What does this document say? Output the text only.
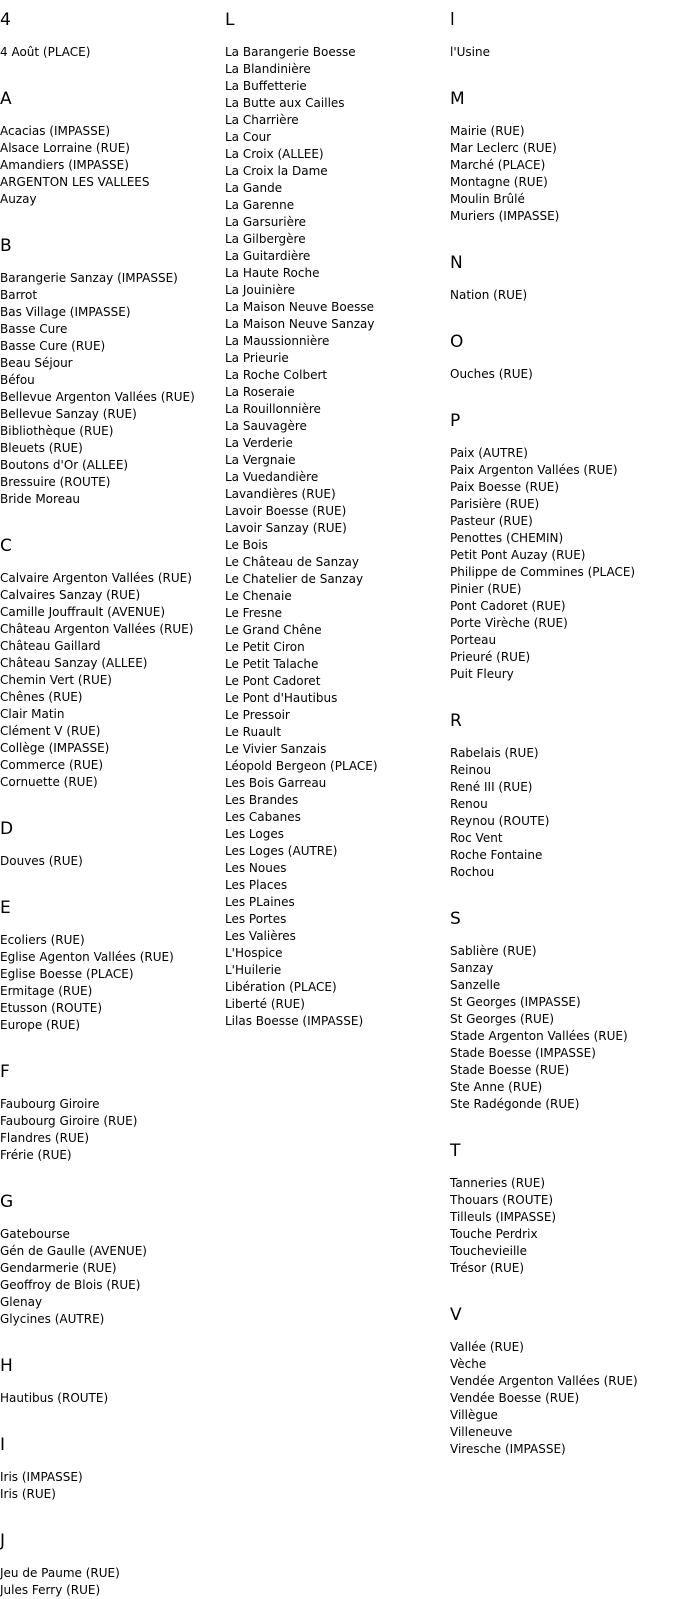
4
4 Août (PLACE)
A
Acacias (IMPASSE)
Alsace Lorraine (RUE)
Amandiers (IMPASSE)
ARGENTON LES VALLEES
Auzay
B
Barangerie Sanzay (IMPASSE)
Barrot
Bas Village (IMPASSE)
Basse Cure
Basse Cure (RUE)
Beau Séjour
Béfou
Bellevue Argenton Vallées (RUE)
Bellevue Sanzay (RUE)
Bibliothèque (RUE)
Bleuets (RUE)
Boutons d'Or (ALLEE)
Bressuire (ROUTE)
Bride Moreau
C
Calvaire Argenton Vallées (RUE)
Calvaires Sanzay (RUE)
Camille Jouffrault (AVENUE)
Château Argenton Vallées (RUE)
Château Gaillard
Château Sanzay (ALLEE)
Chemin Vert (RUE)
Chênes (RUE)
Clair Matin
Clément V (RUE)
Collège (IMPASSE)
Commerce (RUE)
Cornuette (RUE)
D
Douves (RUE)
E
Ecoliers (RUE)
Eglise Agenton Vallées (RUE)
Eglise Boesse (PLACE)
Ermitage (RUE)
Etusson (ROUTE)
Europe (RUE)
F
Faubourg Giroire
Faubourg Giroire (RUE)
Flandres (RUE)
Frérie (RUE)
G
Gatebourse
Gén de Gaulle (AVENUE)
Gendarmerie (RUE)
Geoffroy de Blois (RUE)
Glenay
Glycines (AUTRE)
H
Hautibus (ROUTE)
I
Iris (IMPASSE)
Iris (RUE)
J
Jeu de Paume (RUE)
Jules Ferry (RUE)
L
La Barangerie Boesse
La Blandinière
La Buffetterie
La Butte aux Cailles
La Charrière
La Cour
La Croix (ALLEE)
La Croix la Dame
La Gande
La Garenne
La Garsurière
La Gilbergère
La Guitardière
La Haute Roche
La Jouinière
La Maison Neuve Boesse
La Maison Neuve Sanzay
La Maussionnière
La Prieurie
La Roche Colbert
La Roseraie
La Rouillonnière
La Sauvagère
La Verderie
La Vergnaie
La Vuedandière
Lavandières (RUE)
Lavoir Boesse (RUE)
Lavoir Sanzay (RUE)
Le Bois
Le Château de Sanzay
Le Chatelier de Sanzay
Le Chenaie
Le Fresne
Le Grand Chêne
Le Petit Ciron
Le Petit Talache
Le Pont Cadoret
Le Pont d'Hautibus
Le Pressoir
Le Ruault
Le Vivier Sanzais
Léopold Bergeon (PLACE)
Les Bois Garreau
Les Brandes
Les Cabanes
Les Loges
Les Loges (AUTRE)
Les Noues
Les Places
Les PLaines
Les Portes
Les Valières
L'Hospice
L'Huilerie
Libération (PLACE)
Liberté (RUE)
Lilas Boesse (IMPASSE)
l
l'Usine
M
Mairie (RUE)
Mar Leclerc (RUE)
Marché (PLACE)
Montagne (RUE)
Moulin Brûlé
Muriers (IMPASSE)
N
Nation (RUE)
O
Ouches (RUE)
P
Paix (AUTRE)
Paix Argenton Vallées (RUE)
Paix Boesse (RUE)
Parisière (RUE)
Pasteur (RUE)
Penottes (CHEMIN)
Petit Pont Auzay (RUE)
Philippe de Commines (PLACE)
Pinier (RUE)
Pont Cadoret (RUE)
Porte Virèche (RUE)
Porteau
Prieuré (RUE)
Puit Fleury
R
Rabelais (RUE)
Reinou
René III (RUE)
Renou
Reynou (ROUTE)
Roc Vent
Roche Fontaine
Rochou
S
Sablière (RUE)
Sanzay
Sanzelle
St Georges (IMPASSE)
St Georges (RUE)
Stade Argenton Vallées (RUE)
Stade Boesse (IMPASSE)
Stade Boesse (RUE)
Ste Anne (RUE)
Ste Radégonde (RUE)
T
Tanneries (RUE)
Thouars (ROUTE)
Tilleuls (IMPASSE)
Touche Perdrix
Touchevieille
Trésor (RUE)
V
Vallée (RUE)
Vèche
Vendée Argenton Vallées (RUE)
Vendée Boesse (RUE)
Villègue
Villeneuve
Viresche (IMPASSE)
